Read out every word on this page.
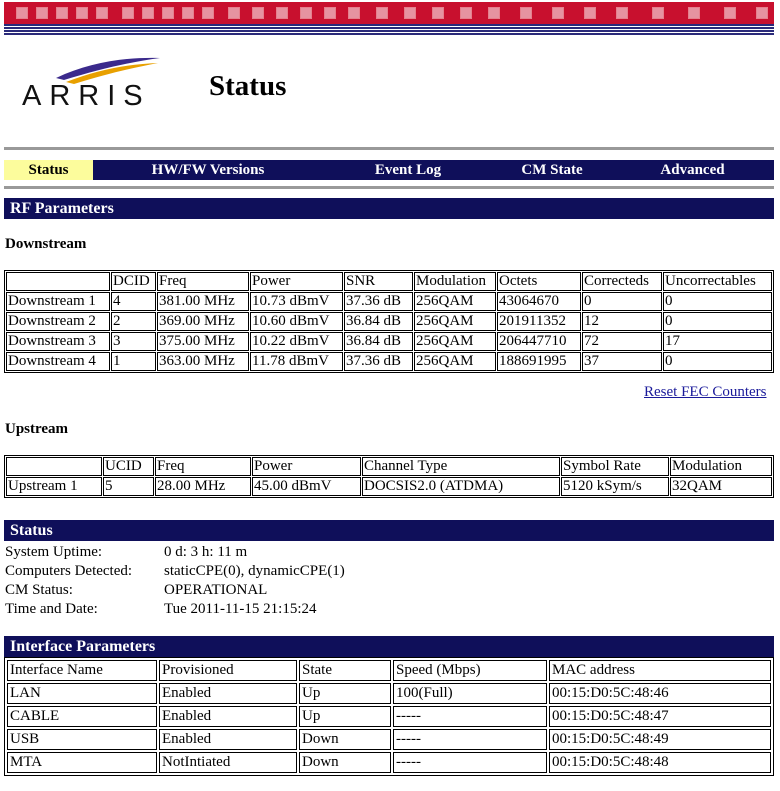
ARRIS Status
Status	HW/FW Versions	Event Log	CM State	Advanced
RF Parameters
Downstream
	DCID	Freq	Power	SNR	Modulation	Octets	Correcteds	Uncorrectables
Downstream 1	4	381.00 MHz	10.73 dBmV	37.36 dB	256QAM	43064670	0	0
Downstream 2	2	369.00 MHz	10.60 dBmV	36.84 dB	256QAM	201911352	12	0
Downstream 3	3	375.00 MHz	10.22 dBmV	36.84 dB	256QAM	206447710	72	17
Downstream 4	1	363.00 MHz	11.78 dBmV	37.36 dB	256QAM	188691995	37	0
Reset FEC Counters
Upstream
	UCID	Freq	Power	Channel Type	Symbol Rate	Modulation
Upstream 1	5	28.00 MHz	45.00 dBmV	DOCSIS2.0 (ATDMA)	5120 kSym/s	32QAM
Status
System Uptime:	0 d: 3 h: 11 m
Computers Detected:	staticCPE(0), dynamicCPE(1)
CM Status:	OPERATIONAL
Time and Date:	Tue 2011-11-15 21:15:24
Interface Parameters
Interface Name	Provisioned	State	Speed (Mbps)	MAC address
LAN	Enabled	Up	100(Full)	00:15:D0:5C:48:46
CABLE	Enabled	Up	-----	00:15:D0:5C:48:47
USB	Enabled	Down	-----	00:15:D0:5C:48:49
MTA	NotIntiated	Down	-----	00:15:D0:5C:48:48
